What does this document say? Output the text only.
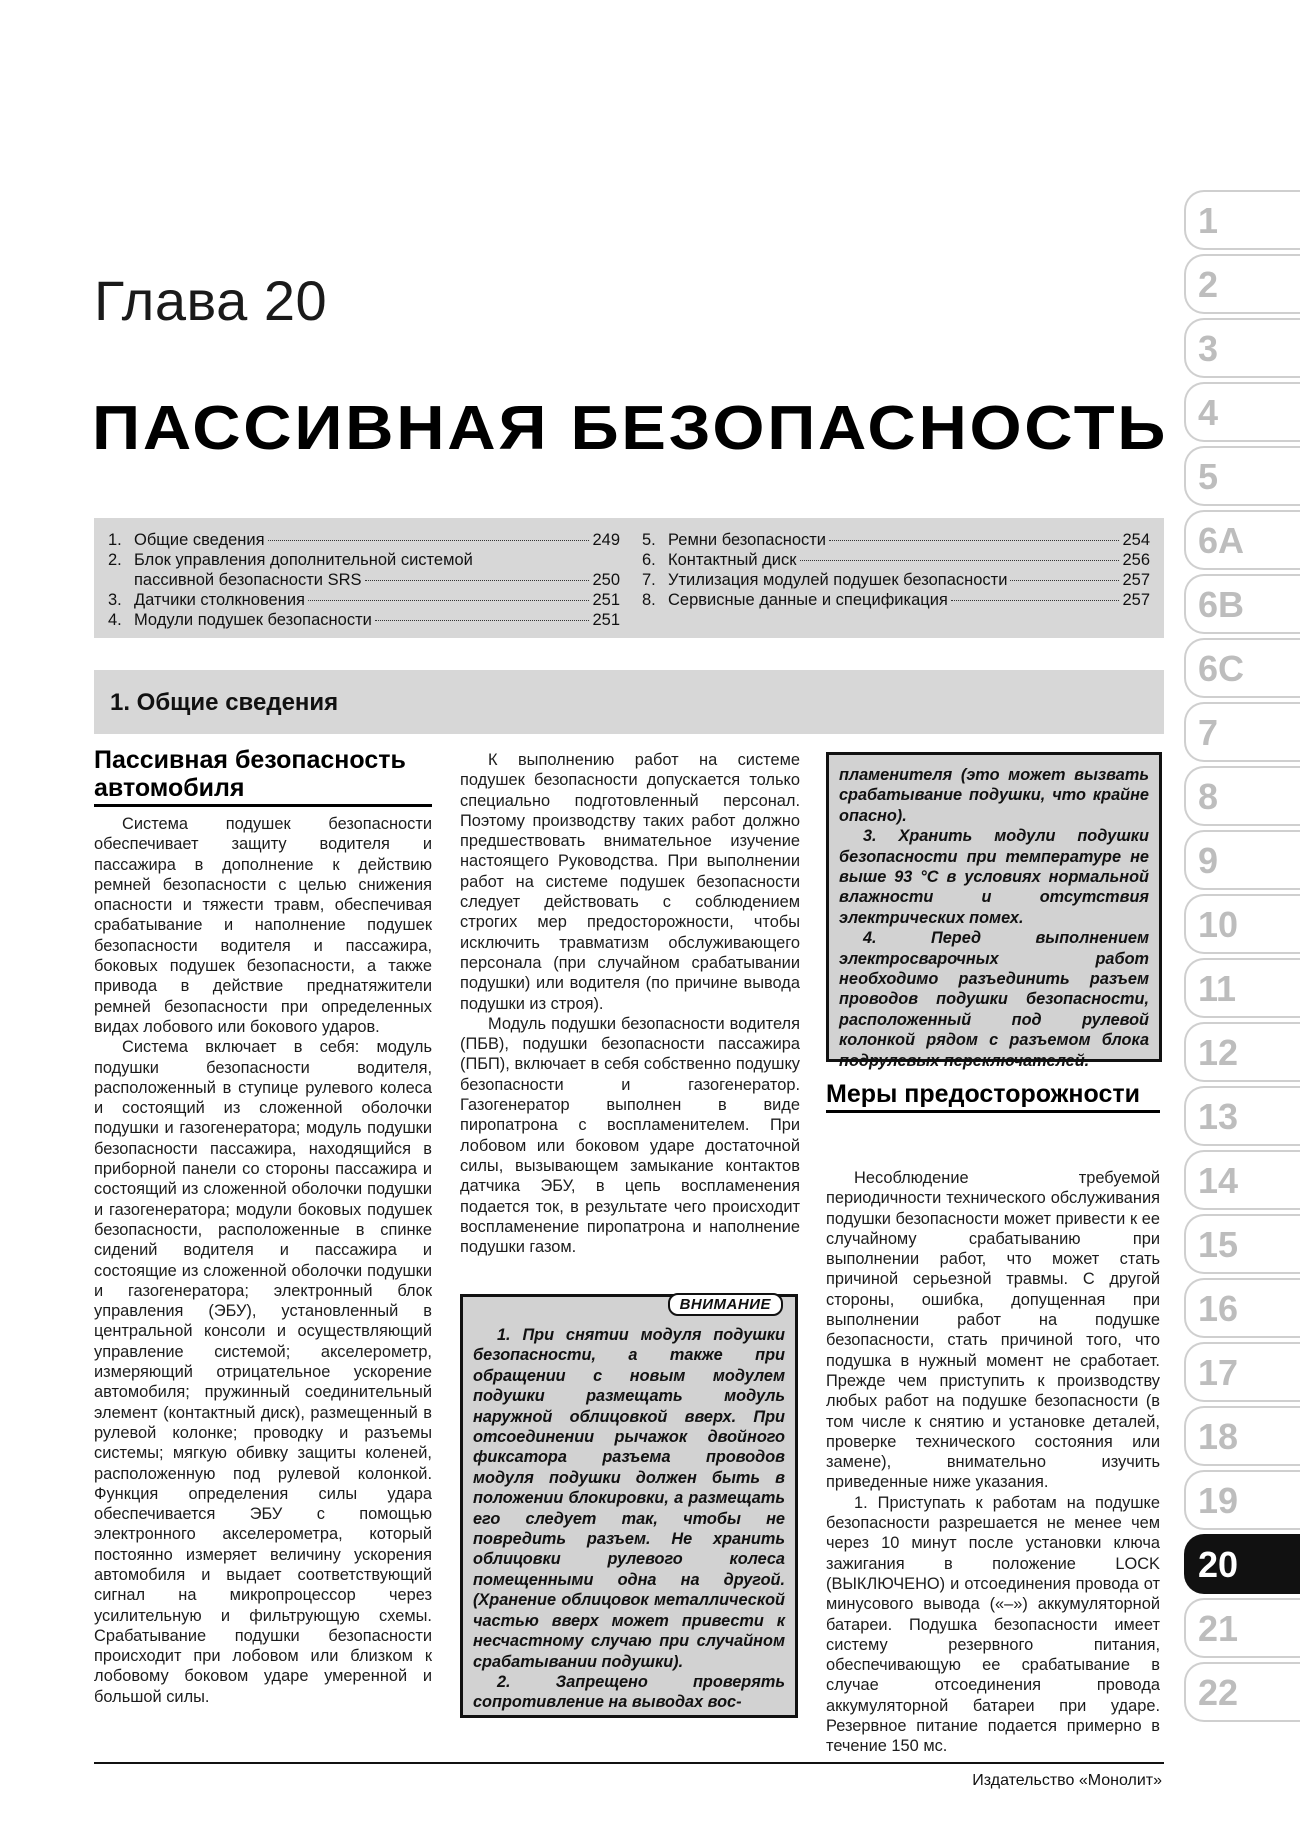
Глава 20
ПАССИВНАЯ БЕЗОПАСНОСТЬ
1. Общие сведения	249
2. Блок управления дополнительной системой
пассивной безопасности SRS	250
3. Датчики столкновения	251
4. Модули подушек безопасности	251
5. Ремни безопасности	254
6. Контактный диск	256
7. Утилизация модулей подушек безопасности	257
8. Сервисные данные и спецификация	257
1. Общие сведения
Пассивная безопасность автомобиля

Система подушек безопасности обеспечивает защиту водителя и пассажира в дополнение к действию ремней безопасности с целью снижения опасности и тяжести травм, обеспечивая срабатывание и наполнение подушек безопасности водителя и пассажира, боковых подушек безопасности, а также привода в действие преднатяжители ремней безопасности при определенных видах лобового или бокового ударов.

Система включает в себя: модуль подушки безопасности водителя, расположенный в ступице рулевого колеса и состоящий из сложенной оболочки подушки и газогенератора; модуль подушки безопасности пассажира, находящийся в приборной панели со стороны пассажира и состоящий из сложенной оболочки подушки и газогенератора; модули боковых подушек безопасности, расположенные в спинке сидений водителя и пассажира и состоящие из сложенной оболочки подушки и газогенератора; электронный блок управления (ЭБУ), установленный в центральной консоли и осуществляющий управление системой; акселерометр, измеряющий отрицательное ускорение автомобиля; пружинный соединительный элемент (контактный диск), размещенный в рулевой колонке; проводку и разъемы системы; мягкую обивку защиты коленей, расположенную под рулевой колонкой. Функция определения силы удара обеспечивается ЭБУ с помощью электронного акселерометра, который постоянно измеряет величину ускорения автомобиля и выдает соответствующий сигнал на микропроцессор через усилительную и фильтрующую схемы. Срабатывание подушки безопасности происходит при лобовом или близком к лобовому боковом ударе умеренной и большой силы.

К выполнению работ на системе подушек безопасности допускается только специально подготовленный персонал. Поэтому производству таких работ должно предшествовать внимательное изучение настоящего Руководства. При выполнении работ на системе подушек безопасности следует действовать с соблюдением строгих мер предосторожности, чтобы исключить травматизм обслуживающего персонала (при случайном срабатывании подушки) или водителя (по причине вывода подушки из строя).

Модуль подушки безопасности водителя (ПБВ), подушки безопасности пассажира (ПБП), включает в себя собственно подушку безопасности и газогенератор. Газогенератор выполнен в виде пиропатрона с воспламенителем. При лобовом или боковом ударе достаточной силы, вызывающем замыкание контактов датчика ЭБУ, в цепь воспламенения подается ток, в результате чего происходит воспламенение пиропатрона и наполнение подушки газом.

ВНИМАНИЕ

1. При снятии модуля подушки безопасности, а также при обращении с новым модулем подушки размещать модуль наружной облицовкой вверх. При отсоединении рычажок двойного фиксатора разъема проводов модуля подушки должен быть в положении блокировки, а размещать его следует так, чтобы не повредить разъем. Не хранить облицовки рулевого колеса помещенными одна на другой. (Хранение облицовок металлической частью вверх может привести к несчастному случаю при случайном срабатывании подушки).

2. Запрещено проверять сопротивление на выводах вос-

пламенителя (это может вызвать срабатывание подушки, что крайне опасно).

3. Хранить модули подушки безопасности при температуре не выше 93 °С в условиях нормальной влажности и отсутствия электрических помех.

4. Перед выполнением электросварочных работ необходимо разъединить разъем проводов подушки безопасности, расположенный под рулевой колонкой рядом с разъемом блока подрулевых переключателей.

Меры предосторожности

Несоблюдение требуемой периодичности технического обслуживания подушки безопасности может привести к ее случайному срабатыванию при выполнении работ, что может стать причиной серьезной травмы. С другой стороны, ошибка, допущенная при выполнении работ на подушке безопасности, стать причиной того, что подушка в нужный момент не сработает. Прежде чем приступить к производству любых работ на подушке безопасности (в том числе к снятию и установке деталей, проверке технического состояния или замене), внимательно изучить приведенные ниже указания.

1. Приступать к работам на подушке безопасности разрешается не менее чем через 10 минут после установки ключа зажигания в положение LOCK (ВЫКЛЮЧЕНО) и отсоединения провода от минусового вывода («–») аккумуляторной батареи. Подушка безопасности имеет систему резервного питания, обеспечивающую ее срабатывание в случае отсоединения провода аккумуляторной батареи при ударе. Резервное питание подается примерно в течение 150 мс.

Издательство «Монолит»
1
2
3
4
5
6A
6B
6C
7
8
9
10
11
12
13
14
15
16
17
18
19
20
21
22
